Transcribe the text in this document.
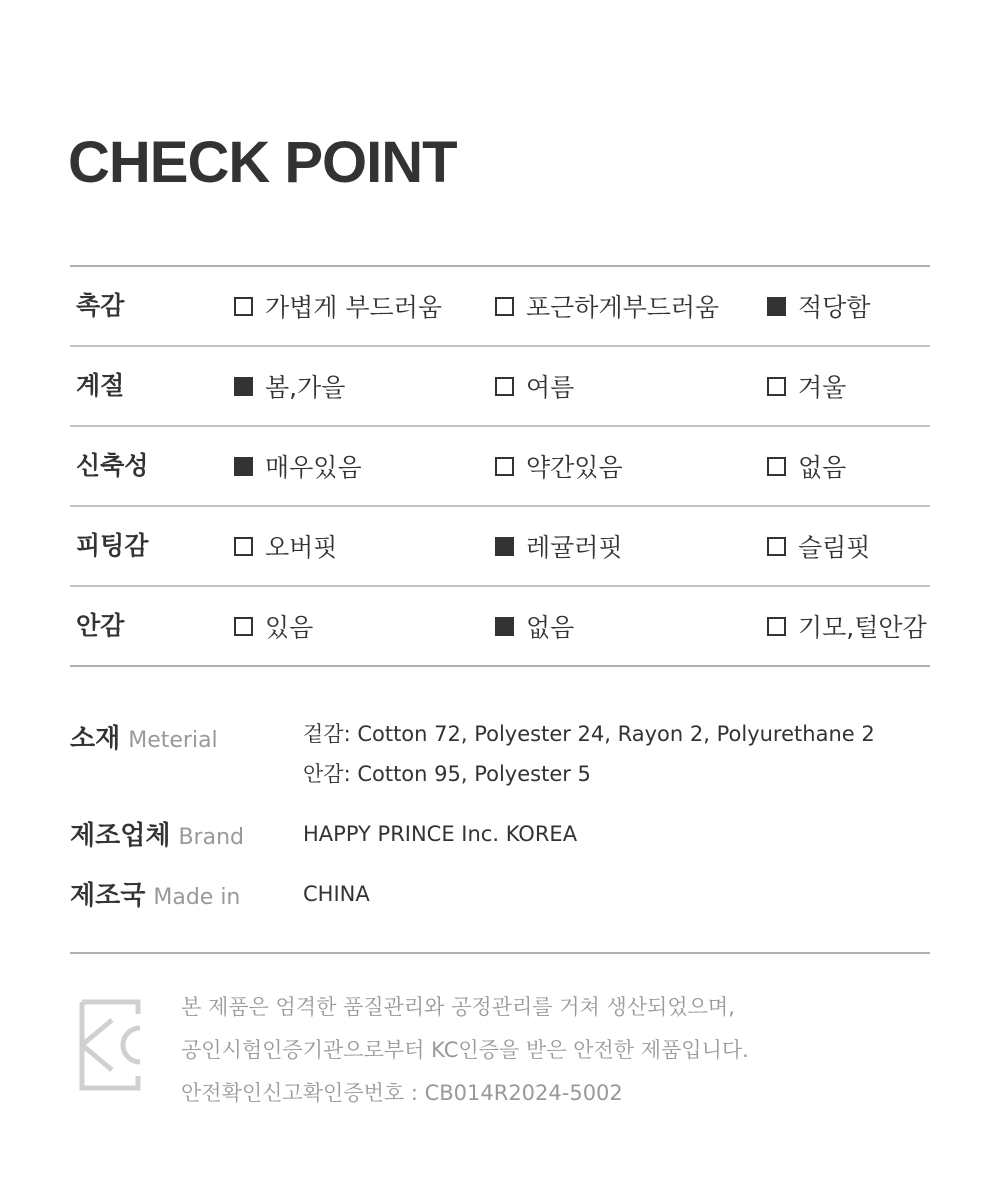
CHECK POINT
촉감	가볍게 부드러움	포근하게부드러움	적당함
계절	봄,가을	여름	겨울
신축성	매우있음	약간있음	없음
피팅감	오버핏	레귤러핏	슬림핏
안감	있음	없음	기모,털안감
소재 Meterial	겉감: Cotton 72, Polyester 24, Rayon 2, Polyurethane 2
안감: Cotton 95, Polyester 5
제조업체 Brand	HAPPY PRINCE Inc. KOREA
제조국 Made in	CHINA
본 제품은 엄격한 품질관리와 공정관리를 거쳐 생산되었으며,
공인시험인증기관으로부터 KC인증을 받은 안전한 제품입니다.
안전확인신고확인증번호 : CB014R2024-5002
